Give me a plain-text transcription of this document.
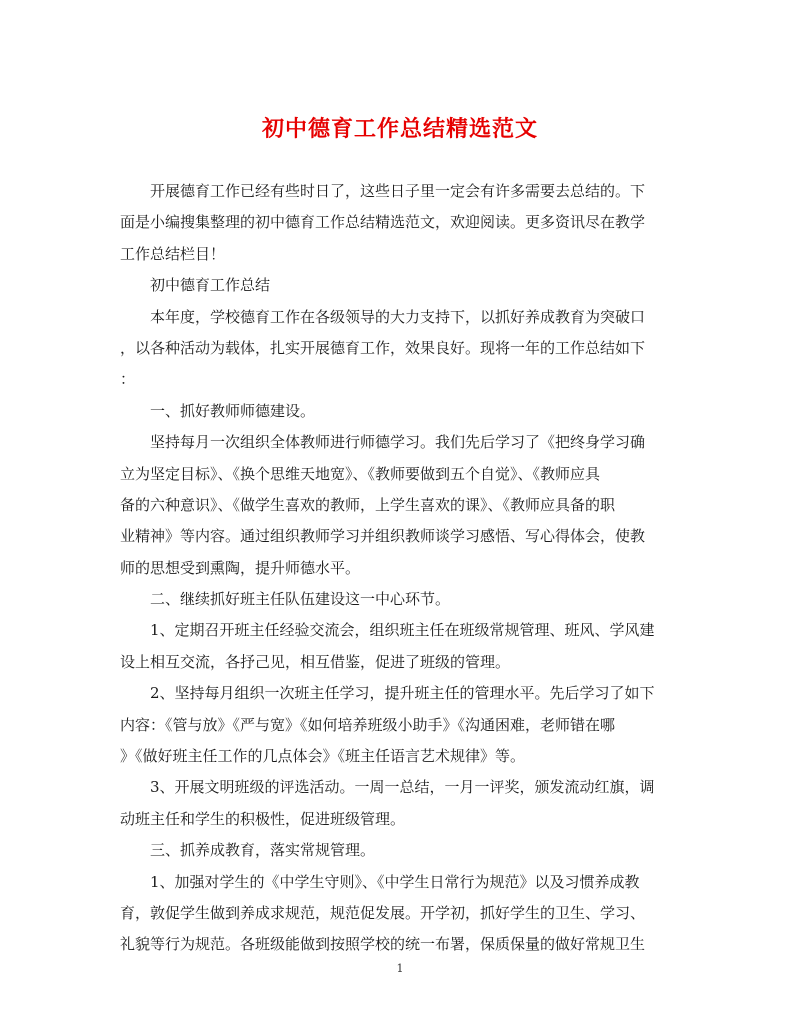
初中德育工作总结精选范文
开展德育工作已经有些时日了，这些日子里一定会有许多需要去总结的。下
面是小编搜集整理的初中德育工作总结精选范文，欢迎阅读。更多资讯尽在教学
工作总结栏目！
初中德育工作总结
本年度，学校德育工作在各级领导的大力支持下，以抓好养成教育为突破口
，以各种活动为载体，扎实开展德育工作，效果良好。现将一年的工作总结如下
：
一、抓好教师师德建设。
坚持每月一次组织全体教师进行师德学习。我们先后学习了《把终身学习确
立为坚定目标》、《换个思维天地宽》、《教师要做到五个自觉》、《教师应具
备的六种意识》、《做学生喜欢的教师，上学生喜欢的课》、《教师应具备的职
业精神》等内容。通过组织教师学习并组织教师谈学习感悟、写心得体会，使教
师的思想受到熏陶，提升师德水平。
二、继续抓好班主任队伍建设这一中心环节。
1、定期召开班主任经验交流会，组织班主任在班级常规管理、班风、学风建
设上相互交流，各抒己见，相互借鉴，促进了班级的管理。
2、坚持每月组织一次班主任学习，提升班主任的管理水平。先后学习了如下
内容：《管与放》《严与宽》《如何培养班级小助手》《沟通困难，老师错在哪
》《做好班主任工作的几点体会》《班主任语言艺术规律》等。
3、开展文明班级的评选活动。一周一总结，一月一评奖，颁发流动红旗，调
动班主任和学生的积极性，促进班级管理。
三、抓养成教育，落实常规管理。
1、加强对学生的《中学生守则》、《中学生日常行为规范》以及习惯养成教
育，敦促学生做到养成求规范，规范促发展。开学初，抓好学生的卫生、学习、
礼貌等行为规范。各班级能做到按照学校的统一布署，保质保量的做好常规卫生
1
